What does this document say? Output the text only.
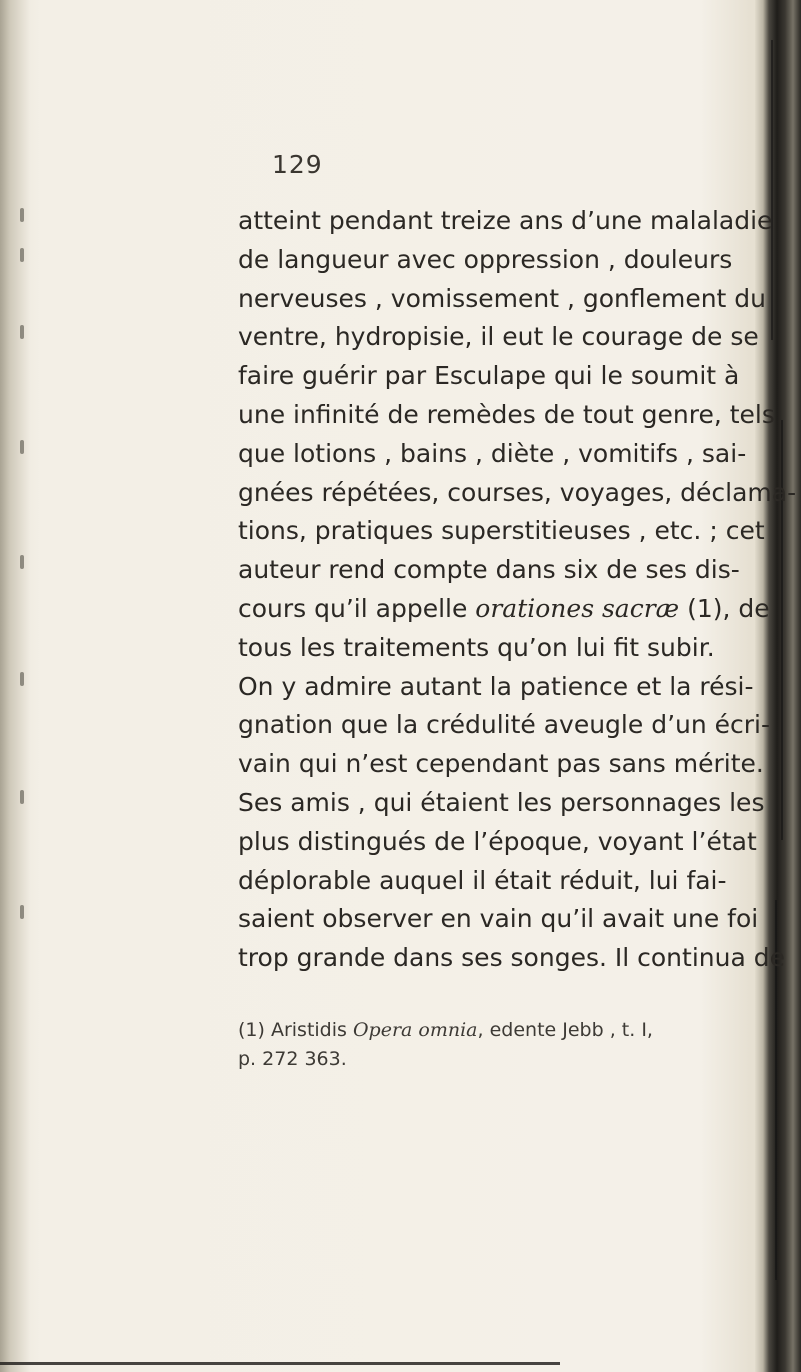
129
atteint pendant treize ans d’une malaladie
de langueur avec oppression , douleurs
nerveuses , vomissement , gonflement du
ventre, hydropisie, il eut le courage de se
faire guérir par Esculape qui le soumit à
une infinité de remèdes de tout genre, tels
que lotions , bains , diète , vomitifs , sai-
gnées répétées, courses, voyages, déclama-
tions, pratiques superstitieuses , etc. ; cet
auteur rend compte dans six de ses dis-
cours qu’il appelle orationes sacræ (1), de
tous les traitements qu’on lui fit subir.
On y admire autant la patience et la rési-
gnation que la crédulité aveugle d’un écri-
vain qui n’est cependant pas sans mérite.
Ses amis , qui étaient les personnages les
plus distingués de l’époque, voyant l’état
déplorable auquel il était réduit, lui fai-
saient observer en vain qu’il avait une foi
trop grande dans ses songes. Il continua de
(1) Aristidis Opera omnia, edente Jebb , t. I,
p. 272 363.
